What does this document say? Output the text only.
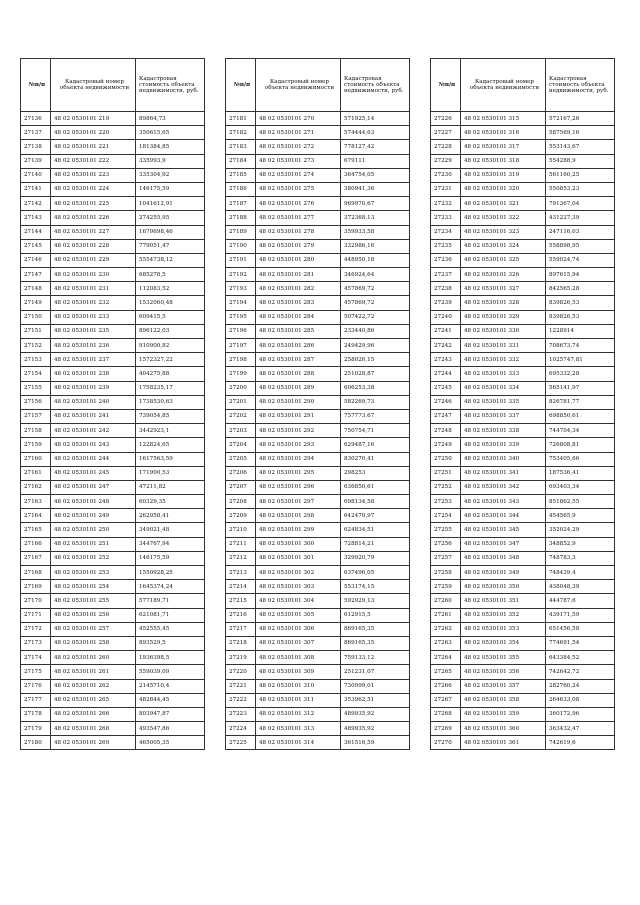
№п/п	Кадастровый номер объекта недвижимости	Кадастровая стоимость объекта недвижимости, руб.
27136	48 02 0530101 219	89864,73
27137	48 02 0530101 220	350615,65
27138	48 02 0530101 221	181384,85
27139	48 02 0530101 222	335993,9
27140	48 02 0530101 223	335304,92
27141	48 02 0530101 224	146175,59
27142	48 02 0530101 225	1041612,91
27143	48 02 0530101 226	274255,95
27144	48 02 0530101 227	1679698,46
27145	48 02 0530101 228	779051,47
27146	48 02 0530101 229	5554738,12
27147	48 02 0530101 230	685278,5
27148	48 02 0530101 231	112083,52
27149	48 02 0530101 232	1532060,48
27150	48 02 0530101 233	609415,5
27151	48 02 0530101 235	896122,03
27152	48 02 0530101 236	910900,82
27153	48 02 0530101 237	1572327,22
27154	48 02 0530101 238	404275,88
27155	48 02 0530101 239	1758235,17
27156	48 02 0530101 240	1738530,63
27157	48 02 0530101 241	739054,85
27158	48 02 0530101 242	3442923,1
27159	48 02 0530101 243	122824,65
27160	48 02 0530101 244	1617563,59
27161	48 02 0530101 245	171900,53
27162	48 02 0530101 247	47211,82
27163	48 02 0530101 248	60329,35
27164	48 02 0530101 249	262958,41
27165	48 02 0530101 250	349021,48
27166	48 02 0530101 251	344767,94
27167	48 02 0530101 252	146175,59
27168	48 02 0530101 253	1550928,25
27169	48 02 0530101 254	1645374,24
27170	48 02 0530101 255	577189,71
27171	48 02 0530101 256	621081,71
27172	48 02 0530101 257	452555,45
27173	48 02 0530101 258	893529,5
27174	48 02 0530101 260	1936398,5
27175	48 02 0530101 261	559039,09
27176	48 02 0530101 262	2145710,4
27177	48 02 0530101 265	482844,45
27178	48 02 0530101 266	803947,87
27179	48 02 0530101 268	493547,86
27180	48 02 0530101 269	465005,35
№п/п	Кадастровый номер объекта недвижимости	Кадастровая стоимость объекта недвижимости, руб.
27181	48 02 0530101 270	571925,14
27182	48 02 0530101 271	574444,63
27183	48 02 0530101 272	778127,42
27184	48 02 0530101 273	679111
27185	48 02 0530101 274	364754,05
27186	48 02 0530101 275	380941,36
27187	48 02 0530101 276	969970,67
27188	48 02 0530101 277	372368,13
27189	48 02 0530101 278	359933,58
27190	48 02 0530101 279	332986,16
27191	48 02 0530101 280	448950,18
27192	48 02 0530101 281	346924,64
27193	48 02 0530101 282	457869,72
27194	48 02 0530101 283	457869,72
27195	48 02 0530101 284	507422,72
27196	48 02 0530101 285	233440,86
27197	48 02 0530101 286	249429,96
27198	48 02 0530101 287	258026,15
27199	48 02 0530101 288	251028,87
27200	48 02 0530101 289	606253,38
27201	48 02 0530101 290	582269,73
27202	48 02 0530101 291	757773,67
27203	48 02 0530101 292	750754,71
27204	48 02 0530101 293	629487,16
27205	48 02 0530101 294	830270,41
27206	48 02 0530101 295	298253
27207	48 02 0530101 296	636850,61
27208	48 02 0530101 297	698134,58
27209	48 02 0530101 298	642470,97
27210	48 02 0530101 299	624834,51
27211	48 02 0530101 300	728814,21
27212	48 02 0530101 301	329920,79
27213	48 02 0530101 302	637496,05
27214	48 02 0530101 303	553174,15
27215	48 02 0530101 304	592929,13
27216	48 02 0530101 305	612915,5
27217	48 02 0530101 306	869165,35
27218	48 02 0530101 307	869165,35
27219	48 02 0530101 308	759133,12
27220	48 02 0530101 309	251231,07
27221	48 02 0530101 310	730999,01
27222	48 02 0530101 311	353962,51
27223	48 02 0530101 312	489935,92
27224	48 02 0530101 313	489935,92
27225	48 02 0530101 314	361516,59
№п/п	Кадастровый номер объекта недвижимости	Кадастровая стоимость объекта недвижимости, руб.
27226	48 02 0530101 315	572167,26
27227	48 02 0530101 316	587569,16
27228	48 02 0530101 317	553143,67
27229	48 02 0530101 318	554288,9
27230	48 02 0530101 319	561160,25
27231	48 02 0530101 320	550853,23
27232	48 02 0530101 321	791367,04
27233	48 02 0530101 322	431227,39
27234	48 02 0530101 323	247116,03
27235	48 02 0530101 324	558898,95
27236	48 02 0530101 325	559024,74
27237	48 02 0530101 326	897615,94
27238	48 02 0530101 327	842565,28
27239	48 02 0530101 328	839826,53
27240	48 02 0530101 329	839826,53
27241	48 02 0530101 330	1228914
27242	48 02 0530101 331	708673,74
27243	48 02 0530101 332	1025747,81
27244	48 02 0530101 333	695332,28
27245	48 02 0530101 334	565141,97
27246	48 02 0530101 335	826781,77
27247	48 02 0530101 337	698850,61
27248	48 02 0530101 338	744704,34
27249	48 02 0530101 339	726808,81
27250	48 02 0530101 340	753405,66
27251	48 02 0530101 341	187536,41
27252	48 02 0530101 342	693403,34
27253	48 02 0530101 343	851862,55
27254	48 02 0530101 344	454565,9
27255	48 02 0530101 345	352024,29
27256	48 02 0530101 347	348852,9
27257	48 02 0530101 348	748783,3
27258	48 02 0530101 349	748439,4
27259	48 02 0530101 350	438048,39
27260	48 02 0530101 351	444787,6
27261	48 02 0530101 352	439171,59
27262	48 02 0530101 353	651456,58
27263	48 02 0530101 354	774691,54
27264	48 02 0530101 355	643384,52
27265	48 02 0530101 356	742642,72
27266	48 02 0530101 357	282760,24
27267	48 02 0530101 358	264633,08
27268	48 02 0530101 359	360172,96
27269	48 02 0530101 360	363432,47
27270	48 02 0530101 361	742619,6
